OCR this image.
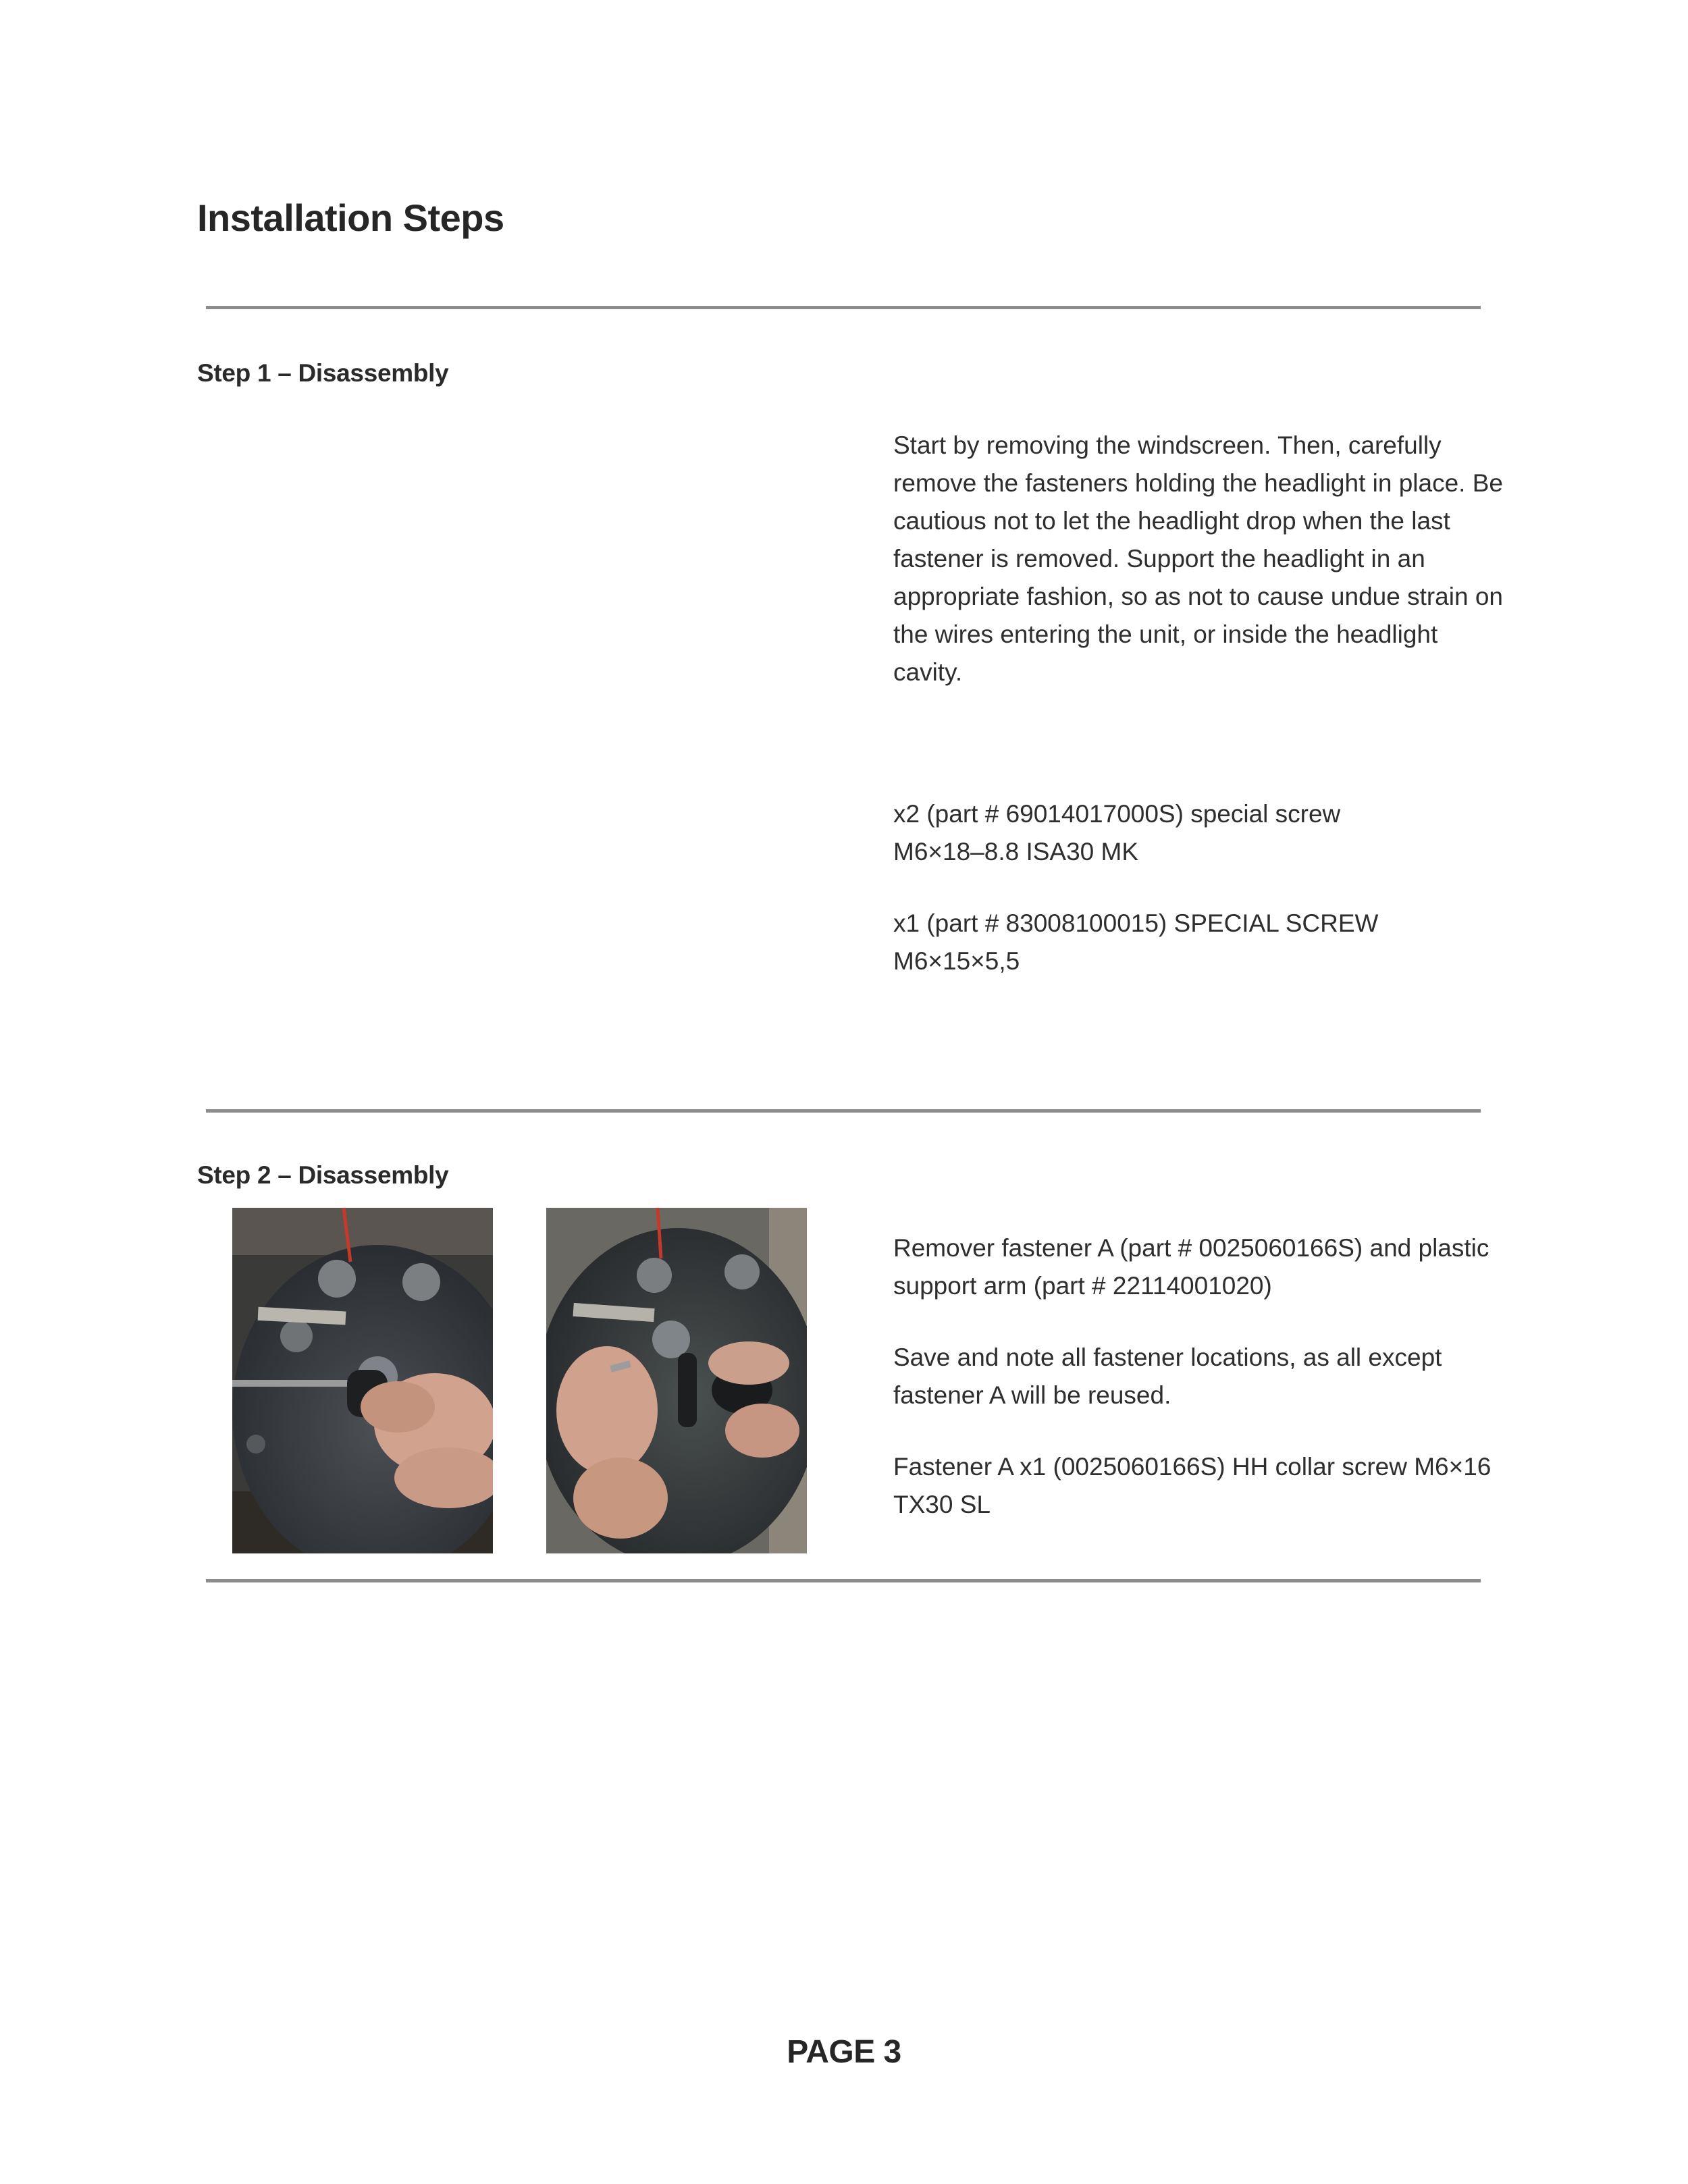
Installation Steps
Step 1 – Disassembly

Start by removing the windscreen. Then, carefully remove the fasteners holding the headlight in place. Be cautious not to let the headlight drop when the last fastener is removed. Support the headlight in an appropriate fashion, so as not to cause undue strain on the wires entering the unit, or inside the headlight cavity.

x2 (part # 69014017000S) special screw

M6×18–8.8 ISA30 MK

x1 (part # 83008100015) SPECIAL SCREW

M6×15×5,5

Step 2 – Disassembly

Remover fastener A (part # 0025060166S) and plastic support arm (part # 22114001020)

Save and note all fastener locations, as all except fastener A will be reused.

Fastener A x1 (0025060166S) HH collar screw M6×16 TX30 SL

PAGE 3
